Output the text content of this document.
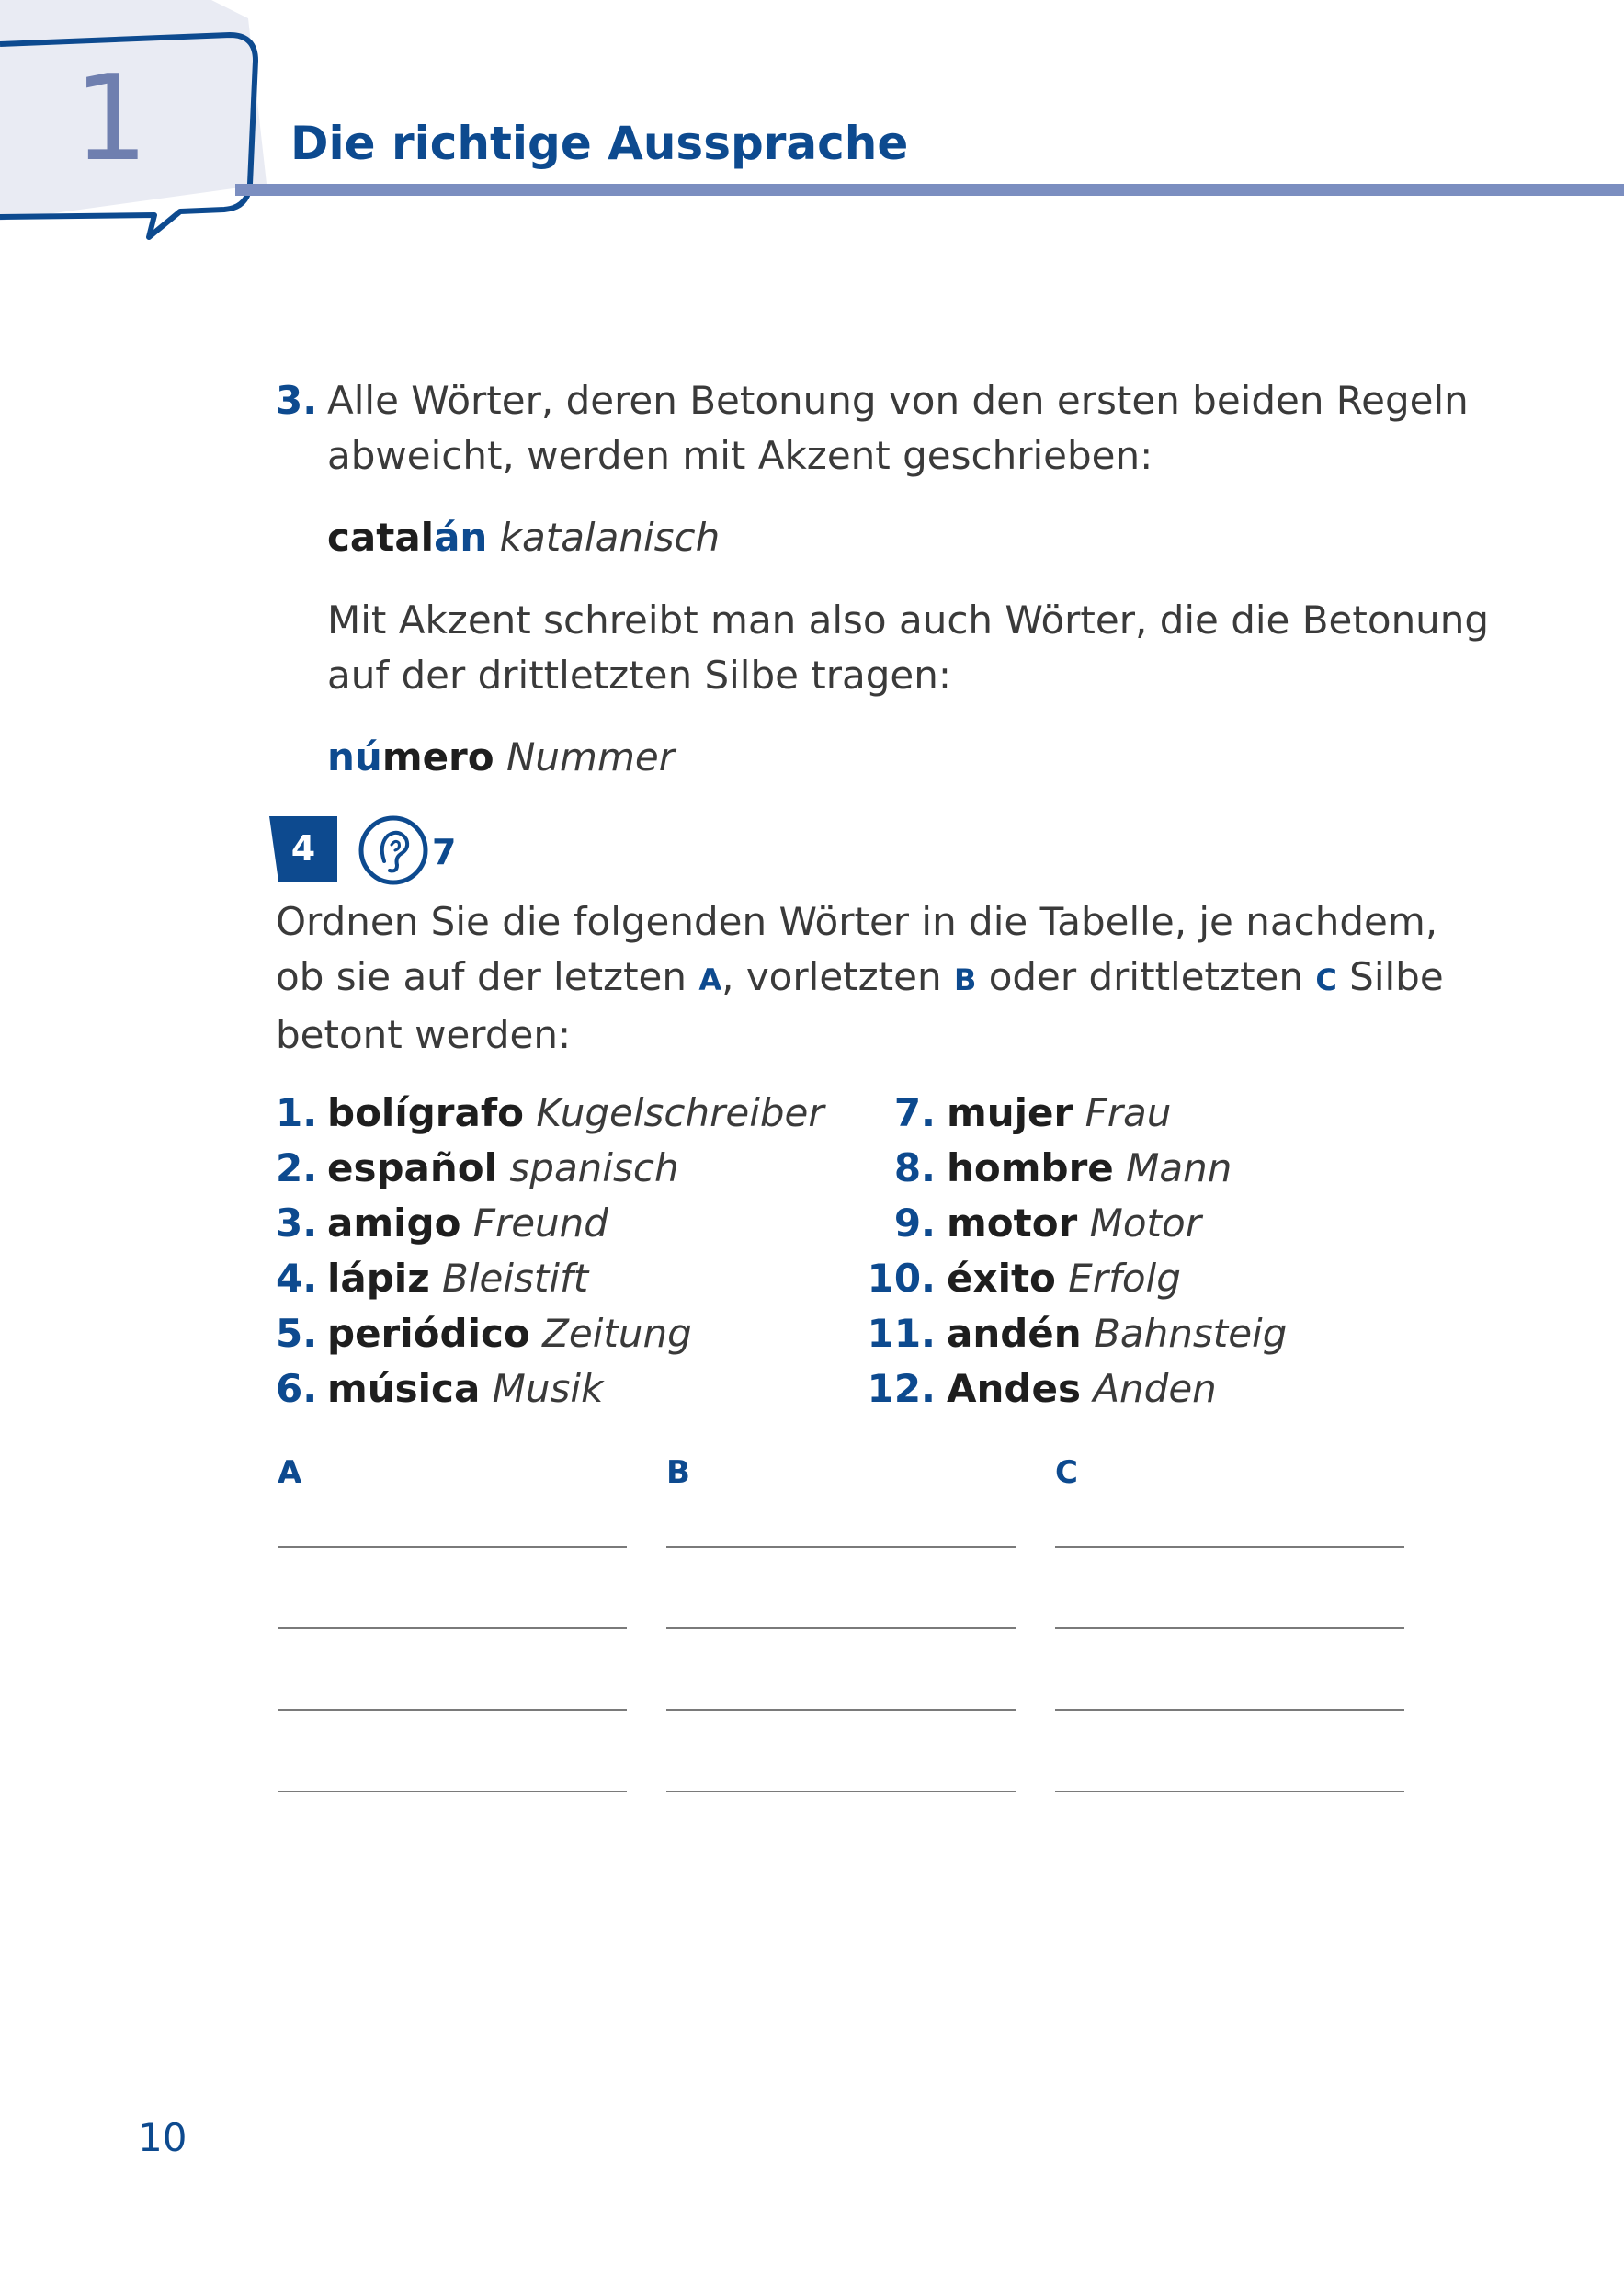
1	Die richtige Aussprache
3. Alle Wörter, deren Betonung von den ersten beiden Regeln
abweicht, werden mit Akzent geschrieben:
catalán katalanisch
Mit Akzent schreibt man also auch Wörter, die die Betonung
auf der drittletzten Silbe tragen:
número Nummer
4	7
Ordnen Sie die folgenden Wörter in die Tabelle, je nachdem,
ob sie auf der letzten A, vorletzten B oder drittletzten C Silbe
betont werden:
1. bolígrafo Kugelschreiber
2. español spanisch
3. amigo Freund
4. lápiz Bleistift
5. periódico Zeitung
6. música Musik
7. mujer Frau
8. hombre Mann
9. motor Motor
10. éxito Erfolg
11. andén Bahnsteig
12. Andes Anden
A	B	C
10
